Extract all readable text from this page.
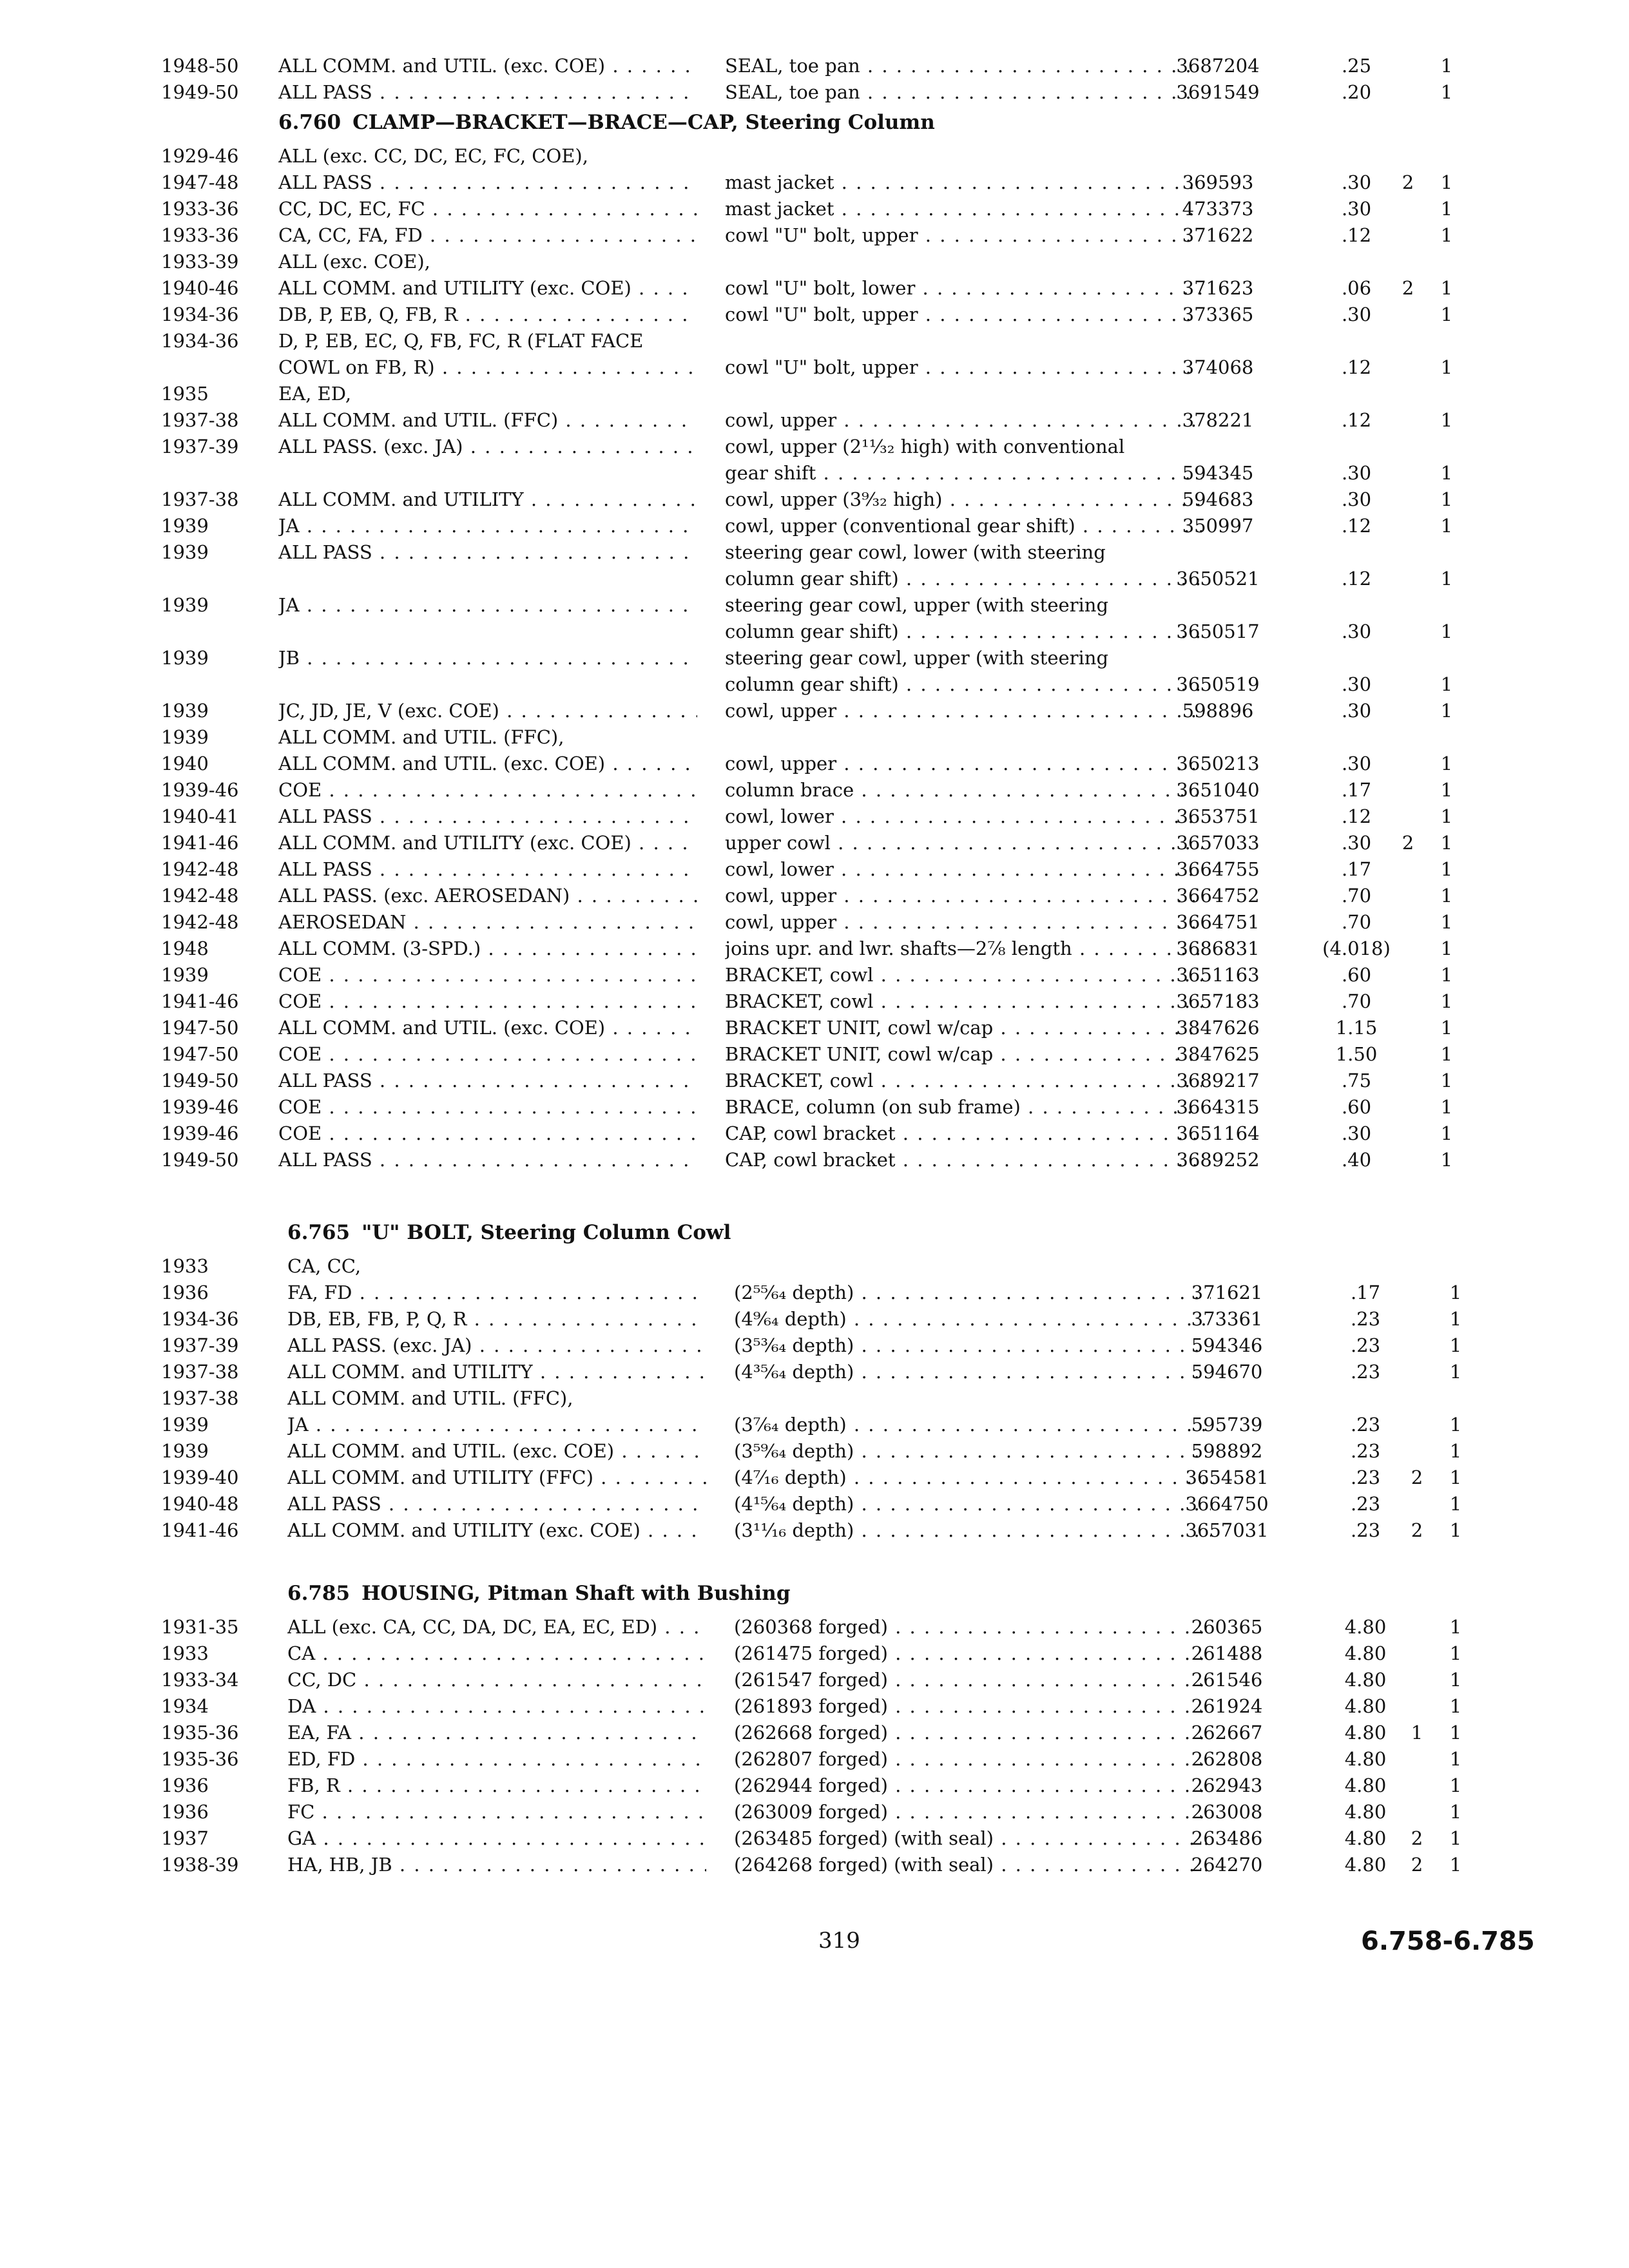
1948-50	ALL COMM. and UTIL. (exc. COE) . . .	SEAL, toe pan . . .	3687204	.25	1
1949-50	ALL PASS . . .	SEAL, toe pan . . .	3691549	.20	1
6.760 CLAMP—BRACKET—BRACE—CAP, Steering Column
1929-46	ALL (exc. CC, DC, EC, FC, COE),
1947-48	ALL PASS . . .	mast jacket . . .	369593	.30	2 1
1933-36	CC, DC, EC, FC . . .	mast jacket . . .	473373	.30	1
1933-36	CA, CC, FA, FD . . .	cowl "U" bolt, upper . . .	371622	.12	1
1933-39	ALL (exc. COE),
1940-46	ALL COMM. and UTILITY (exc. COE) . . .	cowl "U" bolt, lower . . .	371623	.06	2 1
1934-36	DB, P, EB, Q, FB, R . . .	cowl "U" bolt, upper . . .	373365	.30	1
1934-36	D, P, EB, EC, Q, FB, FC, R (FLAT FACE
COWL on FB, R) . . .	cowl "U" bolt, upper . . .	374068	.12	1
1935	EA, ED,
1937-38	ALL COMM. and UTIL. (FFC) . . .	cowl, upper . . .	378221	.12	1
1937-39	ALL PASS. (exc. JA) . . .	cowl, upper (2¹¹⁄₃₂ high) with conventional
gear shift . . .	594345	.30	1
1937-38	ALL COMM. and UTILITY . . .	cowl, upper (3⁹⁄₃₂ high) . . .	594683	.30	1
1939	JA . . .	cowl, upper (conventional gear shift) . . .	350997	.12	1
1939	ALL PASS . . .	steering gear cowl, lower (with steering
column gear shift) . . .	3650521	.12	1
1939	JA . . .	steering gear cowl, upper (with steering
column gear shift) . . .	3650517	.30	1
1939	JB . . .	steering gear cowl, upper (with steering
column gear shift) . . .	3650519	.30	1
1939	JC, JD, JE, V (exc. COE) . . .	cowl, upper . . .	598896	.30	1
1939	ALL COMM. and UTIL. (FFC),
1940	ALL COMM. and UTIL. (exc. COE) . . .	cowl, upper . . .	3650213	.30	1
1939-46	COE . . .	column brace . . .	3651040	.17	1
1940-41	ALL PASS . . .	cowl, lower . . .	3653751	.12	1
1941-46	ALL COMM. and UTILITY (exc. COE) . . .	upper cowl . . .	3657033	.30	2 1
1942-48	ALL PASS . . .	cowl, lower . . .	3664755	.17	1
1942-48	ALL PASS. (exc. AEROSEDAN) . . .	cowl, upper . . .	3664752	.70	1
1942-48	AEROSEDAN . . .	cowl, upper . . .	3664751	.70	1
1948	ALL COMM. (3-SPD.) . . .	joins upr. and lwr. shafts—2⅞ length . . .	3686831	(4.018)	1
1939	COE . . .	BRACKET, cowl . . .	3651163	.60	1
1941-46	COE . . .	BRACKET, cowl . . .	3657183	.70	1
1947-50	ALL COMM. and UTIL. (exc. COE) . . .	BRACKET UNIT, cowl w/cap . . .	3847626	1.15	1
1947-50	COE . . .	BRACKET UNIT, cowl w/cap . . .	3847625	1.50	1
1949-50	ALL PASS . . .	BRACKET, cowl . . .	3689217	.75	1
1939-46	COE . . .	BRACE, column (on sub frame) . . .	3664315	.60	1
1939-46	COE . . .	CAP, cowl bracket . . .	3651164	.30	1
1949-50	ALL PASS . . .	CAP, cowl bracket . . .	3689252	.40	1
6.765 "U" BOLT, Steering Column Cowl
1933	CA, CC,
1936	FA, FD . . .	(2⁵⁵⁄₆₄ depth) . . .	371621	.17	1
1934-36	DB, EB, FB, P, Q, R . . .	(4⁹⁄₆₄ depth) . . .	373361	.23	1
1937-39	ALL PASS. (exc. JA) . . .	(3⁵³⁄₆₄ depth) . . .	594346	.23	1
1937-38	ALL COMM. and UTILITY . . .	(4³⁵⁄₆₄ depth) . . .	594670	.23	1
1937-38	ALL COMM. and UTIL. (FFC),
1939	JA . . .	(3⁷⁄₆₄ depth) . . .	595739	.23	1
1939	ALL COMM. and UTIL. (exc. COE) . . .	(3⁵⁹⁄₆₄ depth) . . .	598892	.23	1
1939-40	ALL COMM. and UTILITY (FFC) . . .	(4⁷⁄₁₆ depth) . . .	3654581	.23	2 1
1940-48	ALL PASS . . .	(4¹⁵⁄₆₄ depth) . . .	3664750	.23	1
1941-46	ALL COMM. and UTILITY (exc. COE) . . .	(3¹¹⁄₁₆ depth) . . .	3657031	.23	2 1
6.785 HOUSING, Pitman Shaft with Bushing
1931-35	ALL (exc. CA, CC, DA, DC, EA, EC, ED) . . .	(260368 forged) . . .	260365	4.80	1
1933	CA . . .	(261475 forged) . . .	261488	4.80	1
1933-34	CC, DC . . .	(261547 forged) . . .	261546	4.80	1
1934	DA . . .	(261893 forged) . . .	261924	4.80	1
1935-36	EA, FA . . .	(262668 forged) . . .	262667	4.80	1 1
1935-36	ED, FD . . .	(262807 forged) . . .	262808	4.80	1
1936	FB, R . . .	(262944 forged) . . .	262943	4.80	1
1936	FC . . .	(263009 forged) . . .	263008	4.80	1
1937	GA . . .	(263485 forged) (with seal) . . .	263486	4.80	2 1
1938-39	HA, HB, JB . . .	(264268 forged) (with seal) . . .	264270	4.80	2 1
319	6.758-6.785
